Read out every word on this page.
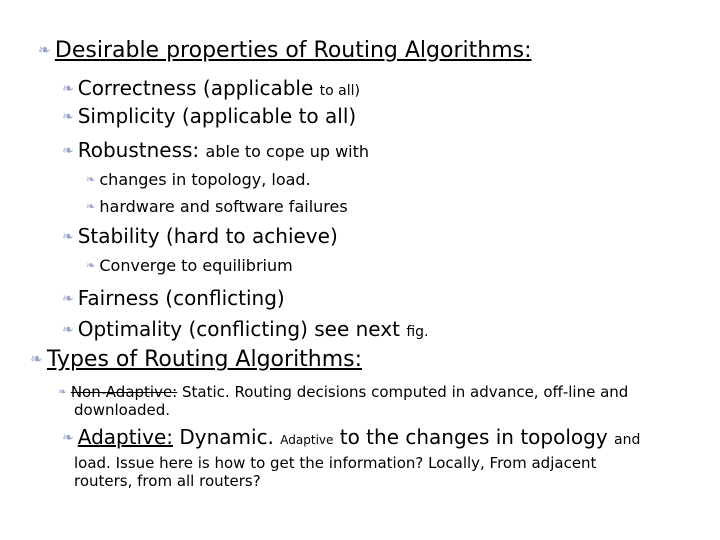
❧ Desirable properties of Routing Algorithms:
❧ Correctness (applicable to all)
❧ Simplicity (applicable to all)
❧ Robustness: able to cope up with
❧ changes in topology, load.
❧ hardware and software failures
❧ Stability (hard to achieve)
❧ Converge to equilibrium
❧ Fairness (conflicting)
❧ Optimality (conflicting) see next fig.
❧ Types of Routing Algorithms:
❧ Non-Adaptive: Static. Routing decisions computed in advance, off-line and
downloaded.
❧ Adaptive: Dynamic. Adaptive to the changes in topology and
load. Issue here is how to get the information? Locally, From adjacent
routers, from all routers?
